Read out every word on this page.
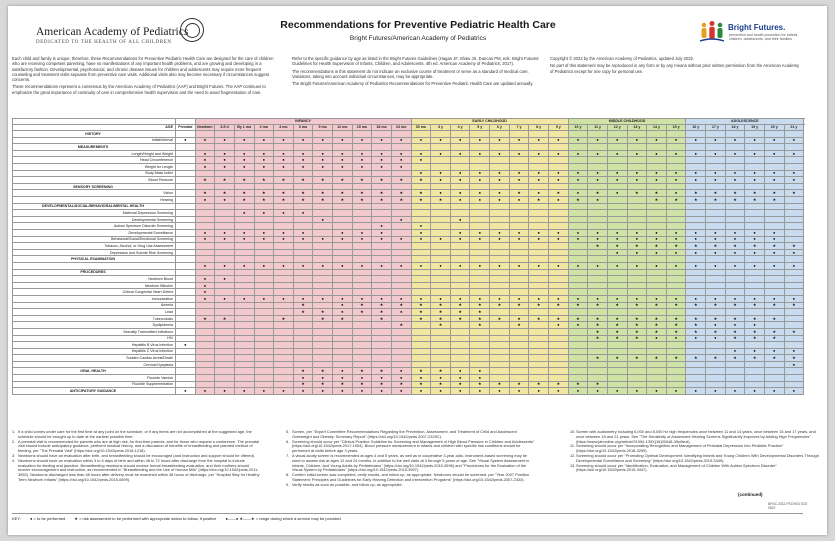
American Academy of Pediatrics
DEDICATED TO THE HEALTH OF ALL CHILDREN
Recommendations for Preventive Pediatric Health Care
Bright Futures/American Academy of Pediatrics
Bright Futures.
prevention and health promotion for infants, children, adolescents, and their families

Each child and family is unique; therefore, these Recommendations for Preventive Pediatric Health Care are designed for the care of children who are receiving competent parenting, have no manifestations of any important health problems, and are growing and developing in a satisfactory fashion. Developmental, psychosocial, and chronic disease issues for children and adolescents may require more frequent counseling and treatment visits separate from preventive care visits. Additional visits also may become necessary if circumstances suggest concerns.

These recommendations represent a consensus by the American Academy of Pediatrics (AAP) and Bright Futures. The AAP continues to emphasize the great importance of continuity of care in comprehensive health supervision and the need to avoid fragmentation of care.

Refer to the specific guidance by age as listed in the Bright Futures Guidelines (Hagan JF, Shaw JS, Duncan PM, eds. Bright Futures: Guidelines for Health Supervision of Infants, Children, and Adolescents. 4th ed. American Academy of Pediatrics; 2017).

The recommendations in this statement do not indicate an exclusive course of treatment or serve as a standard of medical care. Variations, taking into account individual circumstances, may be appropriate.

The Bright Futures/American Academy of Pediatrics Recommendations for Preventive Pediatric Health Care are updated annually.

Copyright © 2022 by the American Academy of Pediatrics, updated July 2022.

No part of this statement may be reproduced in any form or by any means without prior written permission from the American Academy of Pediatrics except for one copy for personal use.

		INFANCY											EARLY CHILDHOOD								MIDDLE CHILDHOOD						ADOLESCENCE					
AGE	Prenatal	Newborn	3-5 d	By 1 mo	2 mo	4 mo	6 mo	9 mo	12 mo	15 mo	18 mo	24 mo	30 mo	3 y	4 y	5 y	6 y	7 y	8 y	9 y	10 y	11 y	12 y	13 y	14 y	15 y	16 y	17 y	18 y	19 y	20 y	21 y
HISTORY																																
Initial/Interval	●	●	●	●	●	●	●	●	●	●	●	●	●	●	●	●	●	●	●	●	●	●	●	●	●	●	●	●	●	●	●	●
MEASUREMENTS																																
Length/Height and Weight		●	●	●	●	●	●	●	●	●	●	●	●	●	●	●	●	●	●	●	●	●	●	●	●	●	●	●	●	●	●	●
Head Circumference		●	●	●	●	●	●	●	●	●	●	●	●																			
Weight for Length		●	●	●	●	●	●	●	●	●	●	●																				
Body Mass Index													●	●	●	●	●	●	●	●	●	●	●	●	●	●	●	●	●	●	●	●
Blood Pressure		★	★	★	★	★	★	★	★	★	★	★	★	●	●	●	●	●	●	●	●	●	●	●	●	●	●	●	●	●	●	●
SENSORY SCREENING																																
Vision		★	★	★	★	★	★	★	★	★	★	★	★	●	●	●	●	★	●	★	●	★	●	★	★	●	★	★	★	★	★	★
Hearing		●	●	★	★	★	★	★	★	★	★	★	★	★	●	●	●	●	★	●	★	●			★	★	★	★	★	★	★	
DEVELOPMENTAL/SOCIAL/BEHAVIORAL/MENTAL HEALTH																																
Maternal Depression Screening				●	●	●	●																									
Developmental Screening								●				●			●																	
Autism Spectrum Disorder Screening											●		●																			
Developmental Surveillance		●	●	●	●	●	●		●	●	●		●		●	●	●	●	●	●	●	●	●	●	●	●	●	●	●	●	●	
Behavioral/Social/Emotional Screening		●	●	●	●	●	●	●	●	●	●	●	●	●	●	●	●	●	●	●	●	●	●	●	●	●	●	●	●	●	●	
Tobacco, Alcohol, or Drug Use Assessment																						★	★	★	★	★	★	★	★	★	★	★
Depression and Suicide Risk Screening																							●	●	●	●	●	●	●	●	●	●
PHYSICAL EXAMINATION																																
		●	●	●	●	●	●	●	●	●	●	●	●	●	●	●	●	●	●	●	●	●	●	●	●	●	●	●	●	●	●	●
PROCEDURES																																
Newborn Blood		●	●																													
Newborn Bilirubin		●																														
Critical Congenital Heart Defect		●																														
Immunization		●	●	●	●	●	●	●	●	●	●	●	●	●	●	●	●	●	●	●	●	●	●	●	●	●	●	●	●	●	●	●
Anemia							★		●	★	★	★	★	★	★	★	★	★	★	★	★	★	★	★	★	★	★	★	★	★	★	★
Lead							★	★	●	★	★	●	★	★	★	★																
Tuberculosis		★	★			★		★	★		★		★	★	★	★	★	★	★	★	★	★	★	★	★	★	★	★	★	★	★	
Dyslipidemia												★		★		★		★		●	●	★	★	★	★	★	★	●	●	●		
Sexually Transmitted Infections																						★	★	★	★	★	★	★	★	★	★	★
HIV																						★	★	★	●	●	●	●	★	★	★	
Hepatitis B Virus Infection	●																															
Hepatitis C Virus Infection																													●	●	●	●
Sudden Cardiac Arrest/Death																						★	★	★	★	★	★	★	★	★	★	★
Cervical Dysplasia																																●
ORAL HEALTH							★	★	●	★	★	●	★	★	●	●																
Fluoride Varnish							●	●	●	●	●	●	●	●	●	●																
Fluoride Supplementation							★	★	★	★	★	★	★	★	★	★	★	★	★	★	★	★										
ANTICIPATORY GUIDANCE	●	●	●	●	●	●	●	●	●	●	●	●	●	●	●	●	●	●	●	●	●	●	●	●	●	●	●	●	●	●	●	●
1. If a child comes under care for the first time at any point on the schedule, or if any items are not accomplished at the suggested age, the schedule should be brought up to date at the earliest possible time.
2. A prenatal visit is recommended for parents who are at high risk, for first-time parents, and for those who request a conference. The prenatal visit should include anticipatory guidance, pertinent medical history, and a discussion of benefits of breastfeeding and planned method of feeding, per "The Prenatal Visit" (https://doi.org/10.1542/peds.2018-1218).
3. Newborns should have an evaluation after birth, and breastfeeding should be encouraged (and instruction and support should be offered).
4. Newborns should have an evaluation within 3 to 5 days of birth and within 48 to 72 hours after discharge from the hospital to include evaluation for feeding and jaundice. Breastfeeding newborns should receive formal breastfeeding evaluation, and their mothers should receive encouragement and instruction, as recommended in "Breastfeeding and the Use of Human Milk" (https://doi.org/10.1542/peds.2011-3552). Newborns discharged less than 48 hours after delivery must be examined within 48 hours of discharge, per "Hospital Stay for Healthy Term Newborn Infants" (https://doi.org/10.1542/peds.2015-0699).
5. Screen, per "Expert Committee Recommendations Regarding the Prevention, Assessment, and Treatment of Child and Adolescent Overweight and Obesity: Summary Report" (https://doi.org/10.1542/peds.2007-2329C).
6. Screening should occur per "Clinical Practice Guideline for Screening and Management of High Blood Pressure in Children and Adolescents" (https://doi.org/10.1542/peds.2017-1904). Blood pressure measurement in infants and children with specific risk conditions should be performed at visits before age 3 years.
7. A visual acuity screen is recommended at ages 4 and 5 years, as well as in cooperative 3-year-olds. Instrument-based screening may be used to assess risk at ages 12 and 24 months, in addition to the well visits at 3 through 5 years of age. See "Visual System Assessment in Infants, Children, and Young Adults by Pediatricians" (https://doi.org/10.1542/peds.2015-3596) and "Procedures for the Evaluation of the Visual System by Pediatricians" (https://doi.org/10.1542/peds.2015-3597).
8. Confirm initial screen was completed, verify results, and follow up, as appropriate. Newborns should be screened, per "Year 2007 Position Statement: Principles and Guidelines for Early Hearing Detection and Intervention Programs" (https://doi.org/10.1542/peds.2007-2333).
9. Verify results as soon as possible, and follow up, as appropriate.
10. Screen with audiometry including 6,000 and 8,000 Hz high frequencies once between 11 and 14 years, once between 15 and 17 years, and once between 18 and 21 years. See "The Sensitivity of Adolescent Hearing Screens Significantly Improves by Adding High Frequencies" (https://www.jahonline.org/article/S1054-139X(16)00048-3/fulltext).
11. Screening should occur per "Incorporating Recognition and Management of Perinatal Depression Into Pediatric Practice" (https://doi.org/10.1542/peds.2018-3259).
12. Screening should occur per "Promoting Optimal Development: Identifying Infants and Young Children With Developmental Disorders Through Developmental Surveillance and Screening" (https://doi.org/10.1542/peds.2019-3449).
13. Screening should occur per "Identification, Evaluation, and Management of Children With Autism Spectrum Disorder" (https://doi.org/10.1542/peds.2019-3447).
(continued)
BFNC.2022-PSCHED 5/22 0822
KEY: ● = to be performed ★ = risk assessment to be performed with appropriate action to follow, if positive ●——● ★——★ = range during which a service may be provided
